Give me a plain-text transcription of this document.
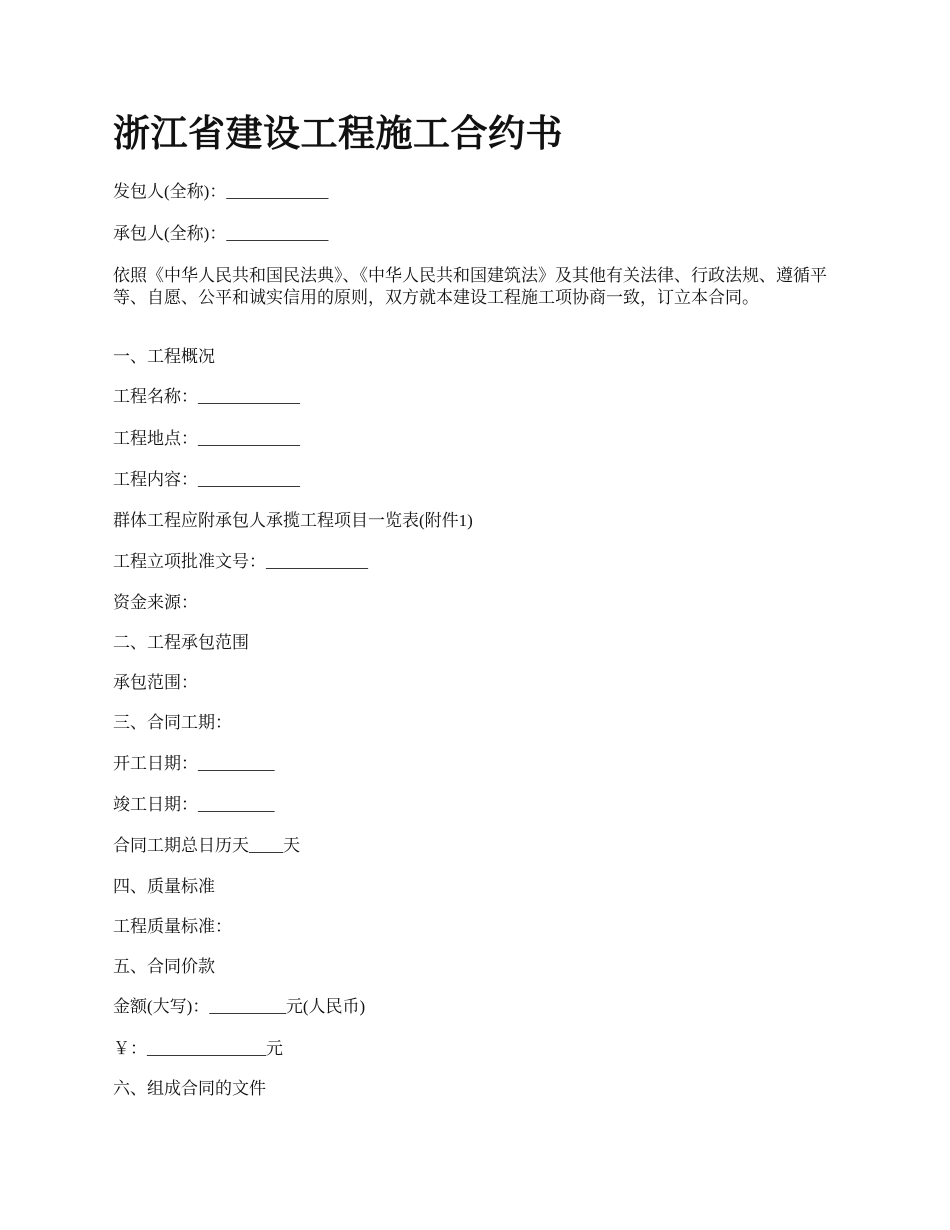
浙江省建设工程施工合约书

发包人(全称)：____________

承包人(全称)：____________

依照《中华人民共和国民法典》、《中华人民共和国建筑法》及其他有关法律、行政法规、遵循平等、自愿、公平和诚实信用的原则，双方就本建设工程施工项协商一致，订立本合同。

一、工程概况

工程名称：____________

工程地点：____________

工程内容：____________

群体工程应附承包人承揽工程项目一览表(附件1)

工程立项批准文号：____________

资金来源：

二、工程承包范围

承包范围：

三、合同工期：

开工日期：_________

竣工日期：_________

合同工期总日历天____天

四、质量标准

工程质量标准：

五、合同价款

金额(大写)：_________元(人民币)

￥：______________元

六、组成合同的文件
